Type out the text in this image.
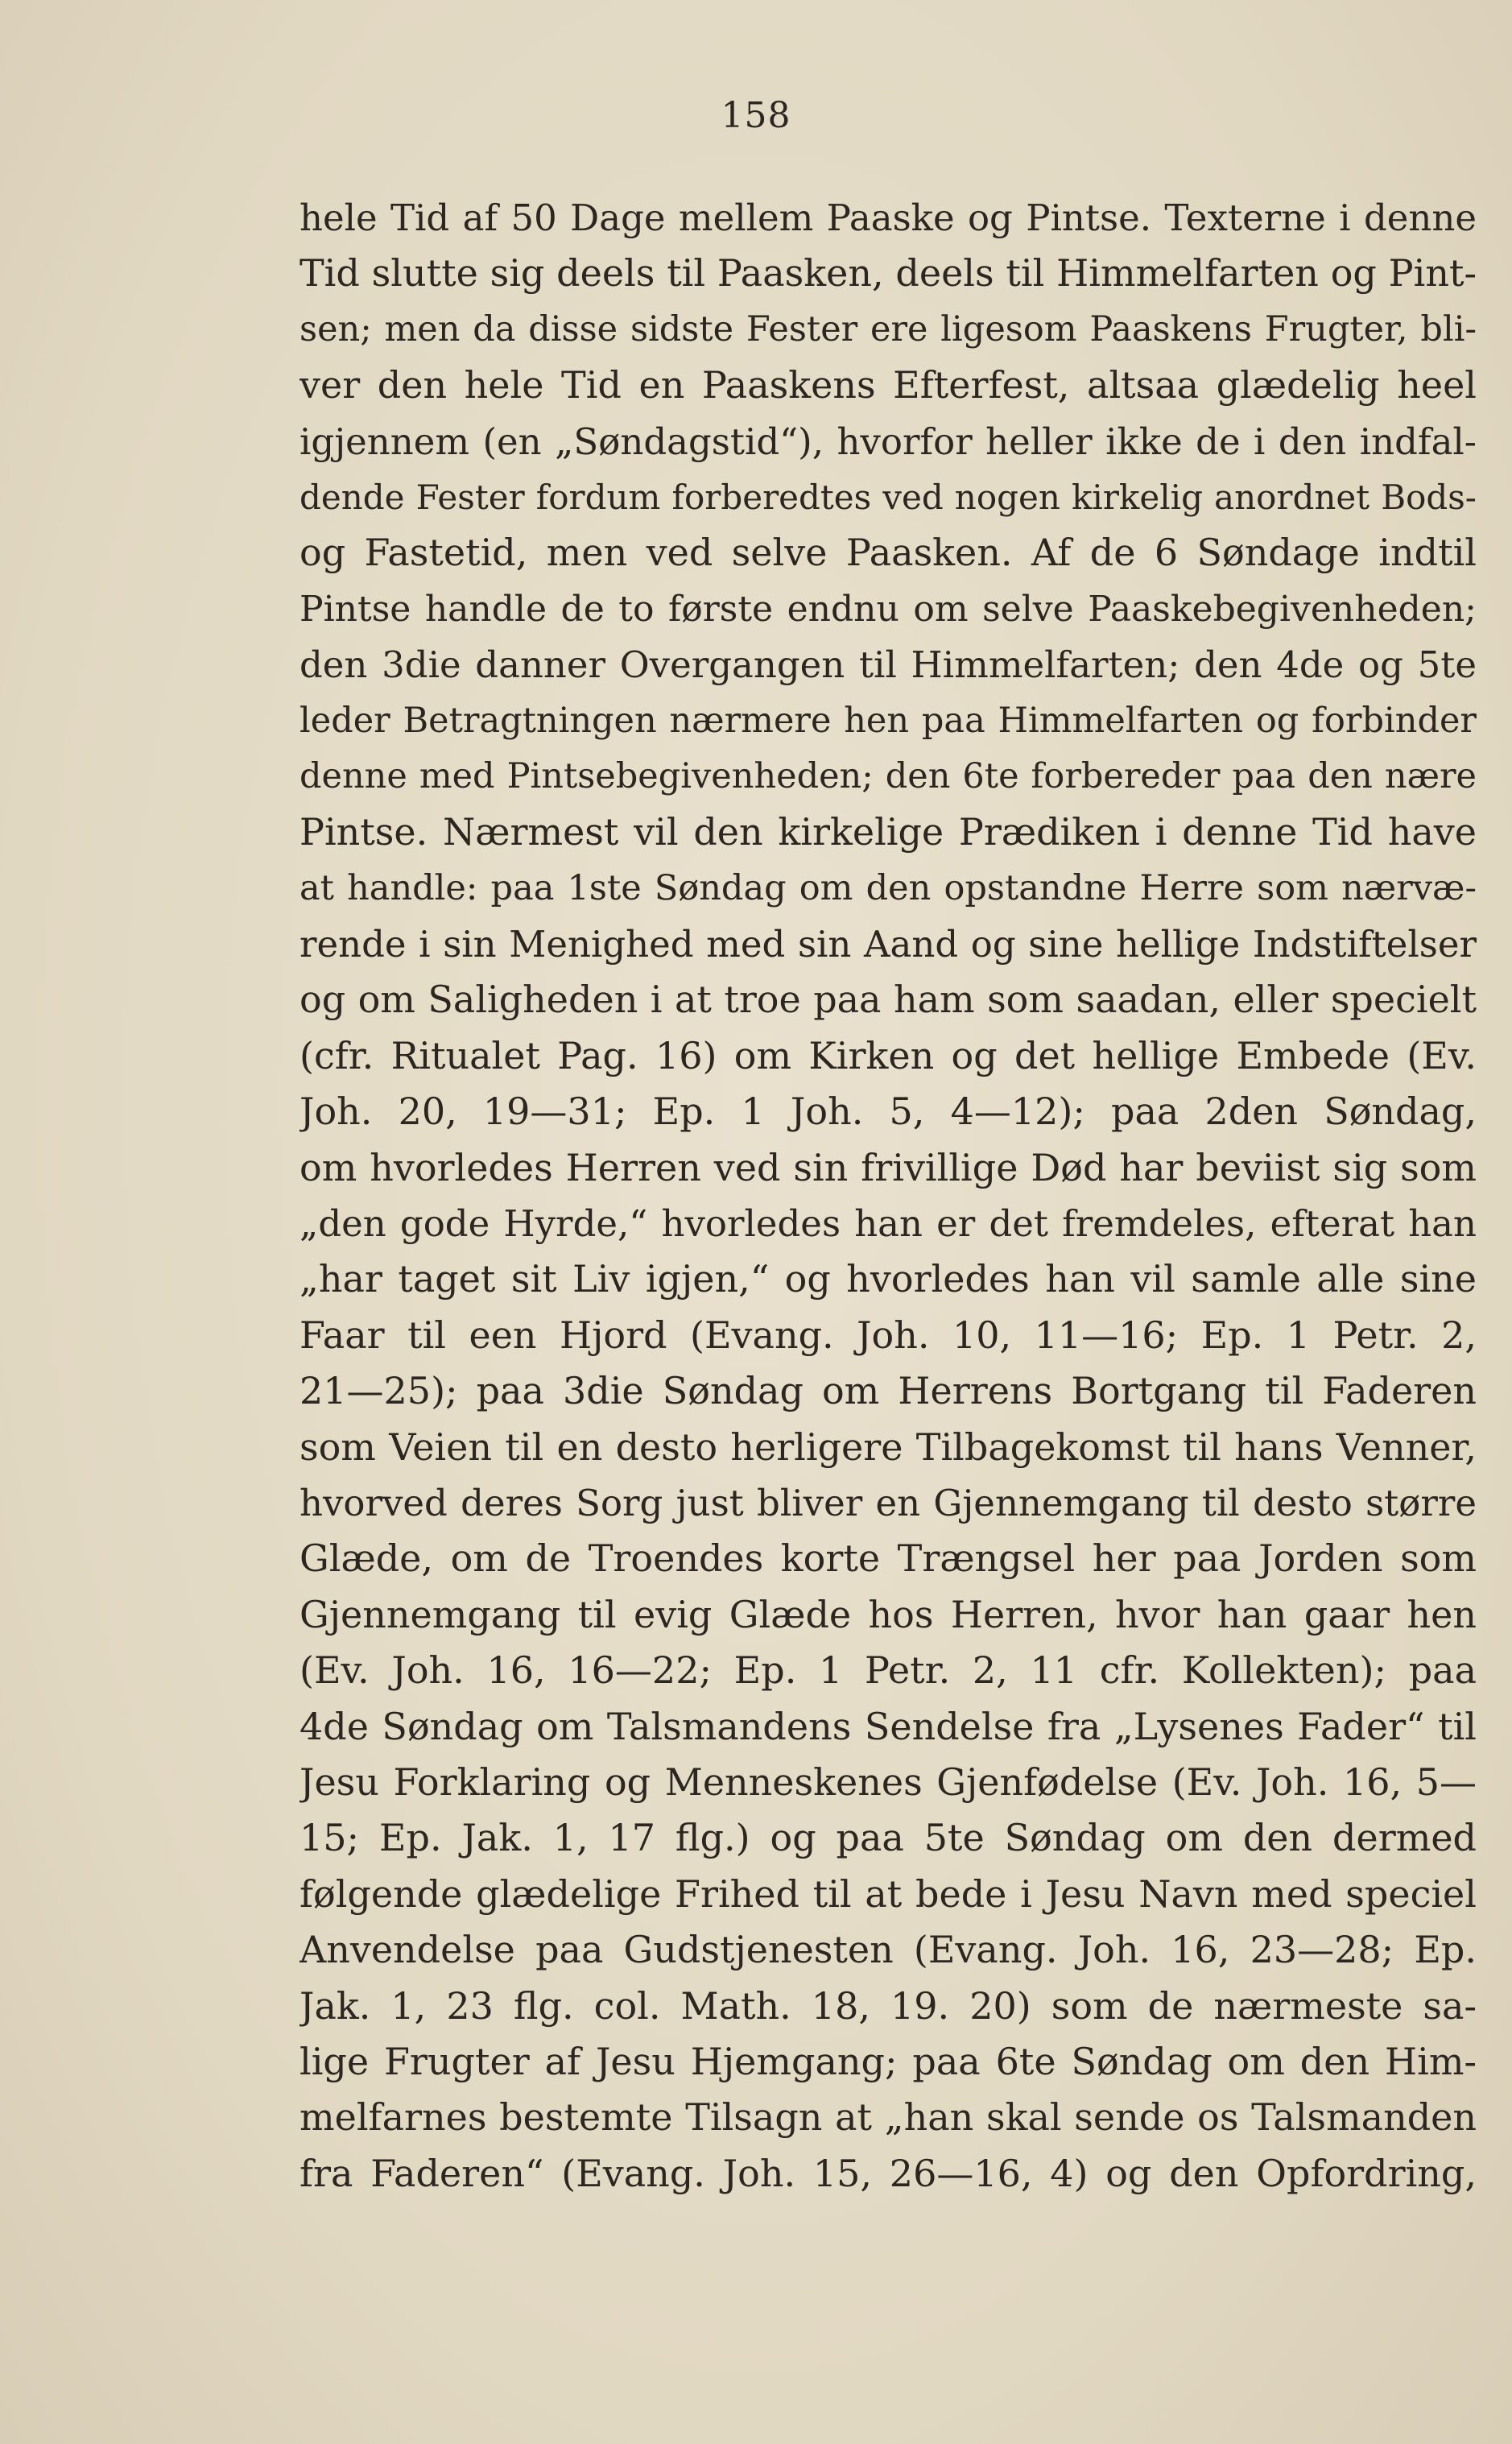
158
hele Tid af 50 Dage mellem Paaske og Pintse. Texterne i denne
Tid slutte sig deels til Paasken, deels til Himmelfarten og Pint-
sen; men da disse sidste Fester ere ligesom Paaskens Frugter, bli-
ver den hele Tid en Paaskens Efterfest, altsaa glædelig heel
igjennem (en „Søndagstid“), hvorfor heller ikke de i den indfal-
dende Fester fordum forberedtes ved nogen kirkelig anordnet Bods-
og Fastetid, men ved selve Paasken. Af de 6 Søndage indtil
Pintse handle de to første endnu om selve Paaskebegivenheden;
den 3die danner Overgangen til Himmelfarten; den 4de og 5te
leder Betragtningen nærmere hen paa Himmelfarten og forbinder
denne med Pintsebegivenheden; den 6te forbereder paa den nære
Pintse. Nærmest vil den kirkelige Prædiken i denne Tid have
at handle: paa 1ste Søndag om den opstandne Herre som nærvæ-
rende i sin Menighed med sin Aand og sine hellige Indstiftelser
og om Saligheden i at troe paa ham som saadan, eller specielt
(cfr. Ritualet Pag. 16) om Kirken og det hellige Embede (Ev.
Joh. 20, 19—31; Ep. 1 Joh. 5, 4—12); paa 2den Søndag,
om hvorledes Herren ved sin frivillige Død har beviist sig som
„den gode Hyrde,“ hvorledes han er det fremdeles, efterat han
„har taget sit Liv igjen,“ og hvorledes han vil samle alle sine
Faar til een Hjord (Evang. Joh. 10, 11—16; Ep. 1 Petr. 2,
21—25); paa 3die Søndag om Herrens Bortgang til Faderen
som Veien til en desto herligere Tilbagekomst til hans Venner,
hvorved deres Sorg just bliver en Gjennemgang til desto større
Glæde, om de Troendes korte Trængsel her paa Jorden som
Gjennemgang til evig Glæde hos Herren, hvor han gaar hen
(Ev. Joh. 16, 16—22; Ep. 1 Petr. 2, 11 cfr. Kollekten); paa
4de Søndag om Talsmandens Sendelse fra „Lysenes Fader“ til
Jesu Forklaring og Menneskenes Gjenfødelse (Ev. Joh. 16, 5—
15; Ep. Jak. 1, 17 flg.) og paa 5te Søndag om den dermed
følgende glædelige Frihed til at bede i Jesu Navn med speciel
Anvendelse paa Gudstjenesten (Evang. Joh. 16, 23—28; Ep.
Jak. 1, 23 flg. col. Math. 18, 19. 20) som de nærmeste sa-
lige Frugter af Jesu Hjemgang; paa 6te Søndag om den Him-
melfarnes bestemte Tilsagn at „han skal sende os Talsmanden
fra Faderen“ (Evang. Joh. 15, 26—16, 4) og den Opfordring,
